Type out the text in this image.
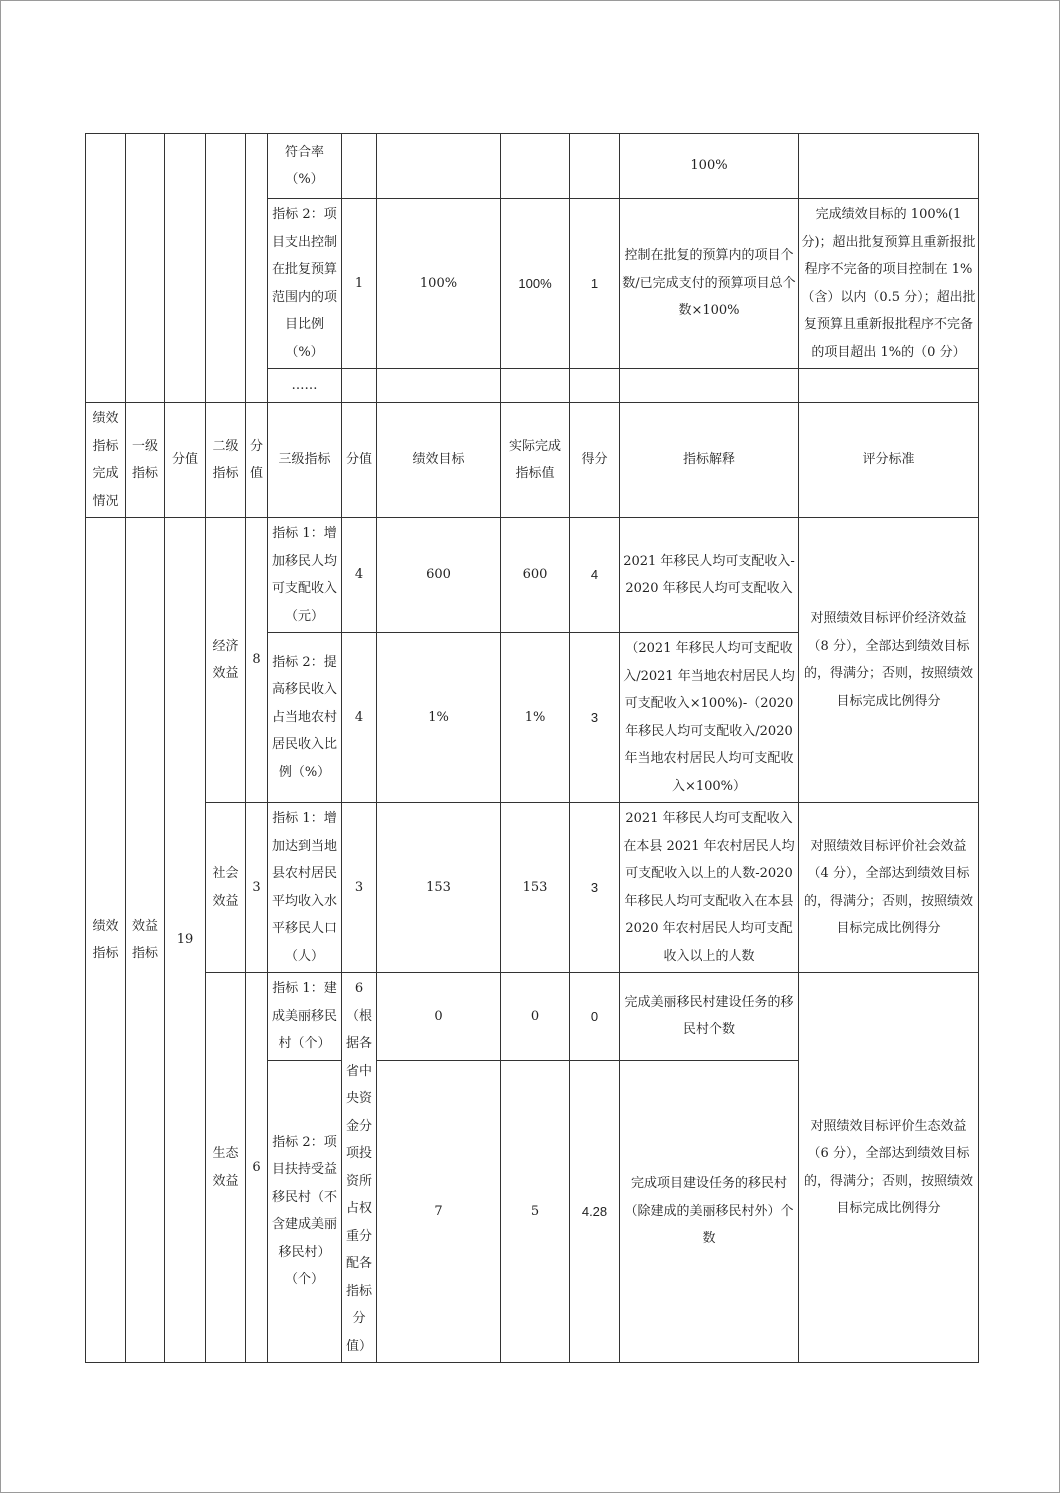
					符合率（%）					100%	
					指标 2：项目支出控制在批复预算范围内的项目比例（%）	1	100%	100%	1	控制在批复的预算内的项目个数/已完成支付的预算项目总个数×100%	完成绩效目标的 100%(1 分)；超出批复预算且重新报批程序不完备的项目控制在 1%（含）以内（0.5 分）；超出批复预算且重新报批程序不完备的项目超出 1%的（0 分）
					……						
绩效指标完成情况	一级指标	分值	二级指标	分值	三级指标	分值	绩效目标	实际完成指标值	得分	指标解释	评分标准
绩效指标	效益指标	19	经济效益	8	指标 1：增加移民人均可支配收入（元）	4	600	600	4	2021 年移民人均可支配收入-2020 年移民人均可支配收入	对照绩效目标评价经济效益（8 分），全部达到绩效目标的，得满分；否则，按照绩效目标完成比例得分
					指标 2：提高移民收入占当地农村居民收入比例（%）	4	1%	1%	3	（2021 年移民人均可支配收入/2021 年当地农村居民人均可支配收入×100%)-（2020 年移民人均可支配收入/2020 年当地农村居民人均可支配收入×100%）	
			社会效益	3	指标 1：增加达到当地县农村居民平均收入水平移民人口（人）	3	153	153	3	2021 年移民人均可支配收入在本县 2021 年农村居民人均可支配收入以上的人数-2020 年移民人均可支配收入在本县 2020 年农村居民人均可支配收入以上的人数	对照绩效目标评价社会效益（4 分），全部达到绩效目标的，得满分；否则，按照绩效目标完成比例得分
			生态效益	6	指标 1：建成美丽移民村（个）	6（根据各省中央资金分项投资所占权重分配各指标分值）	0	0	0	完成美丽移民村建设任务的移民村个数	对照绩效目标评价生态效益（6 分），全部达到绩效目标的，得满分；否则，按照绩效目标完成比例得分
					指标 2：项目扶持受益移民村（不含建成美丽移民村）（个）		7	5	4.28	完成项目建设任务的移民村（除建成的美丽移民村外）个数	
